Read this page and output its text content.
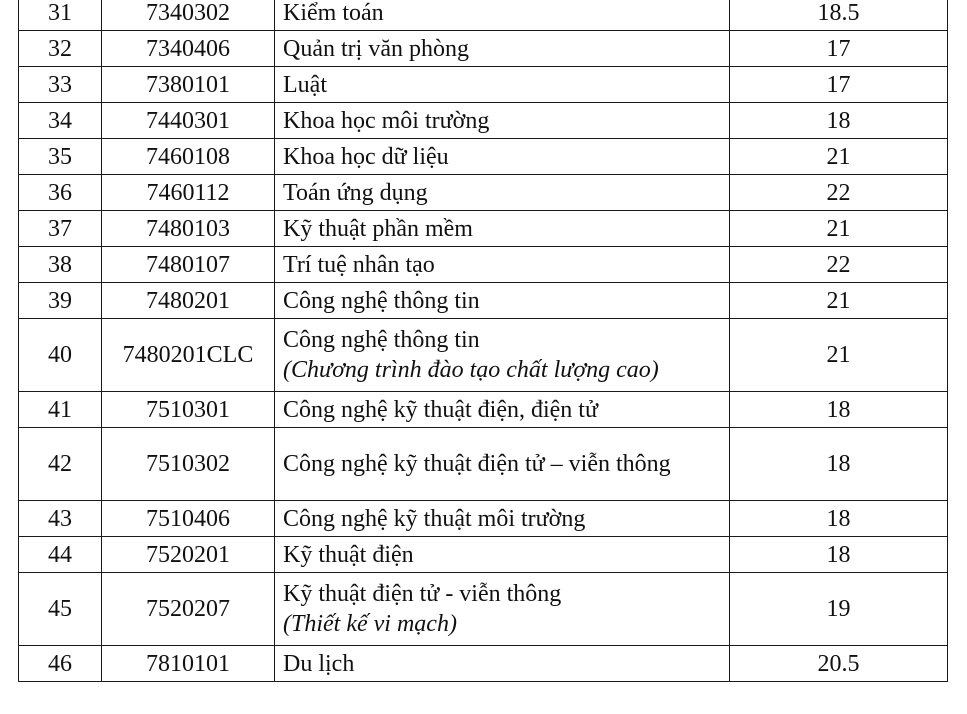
31	7340302	Kiểm toán	18.5
32	7340406	Quản trị văn phòng	17
33	7380101	Luật	17
34	7440301	Khoa học môi trường	18
35	7460108	Khoa học dữ liệu	21
36	7460112	Toán ứng dụng	22
37	7480103	Kỹ thuật phần mềm	21
38	7480107	Trí tuệ nhân tạo	22
39	7480201	Công nghệ thông tin	21
40	7480201CLC	Công nghệ thông tin
(Chương trình đào tạo chất lượng cao)	21
41	7510301	Công nghệ kỹ thuật điện, điện tử	18
42	7510302	Công nghệ kỹ thuật điện tử – viễn thông	18
43	7510406	Công nghệ kỹ thuật môi trường	18
44	7520201	Kỹ thuật điện	18
45	7520207	Kỹ thuật điện tử - viễn thông
(Thiết kế vi mạch)	19
46	7810101	Du lịch	20.5
